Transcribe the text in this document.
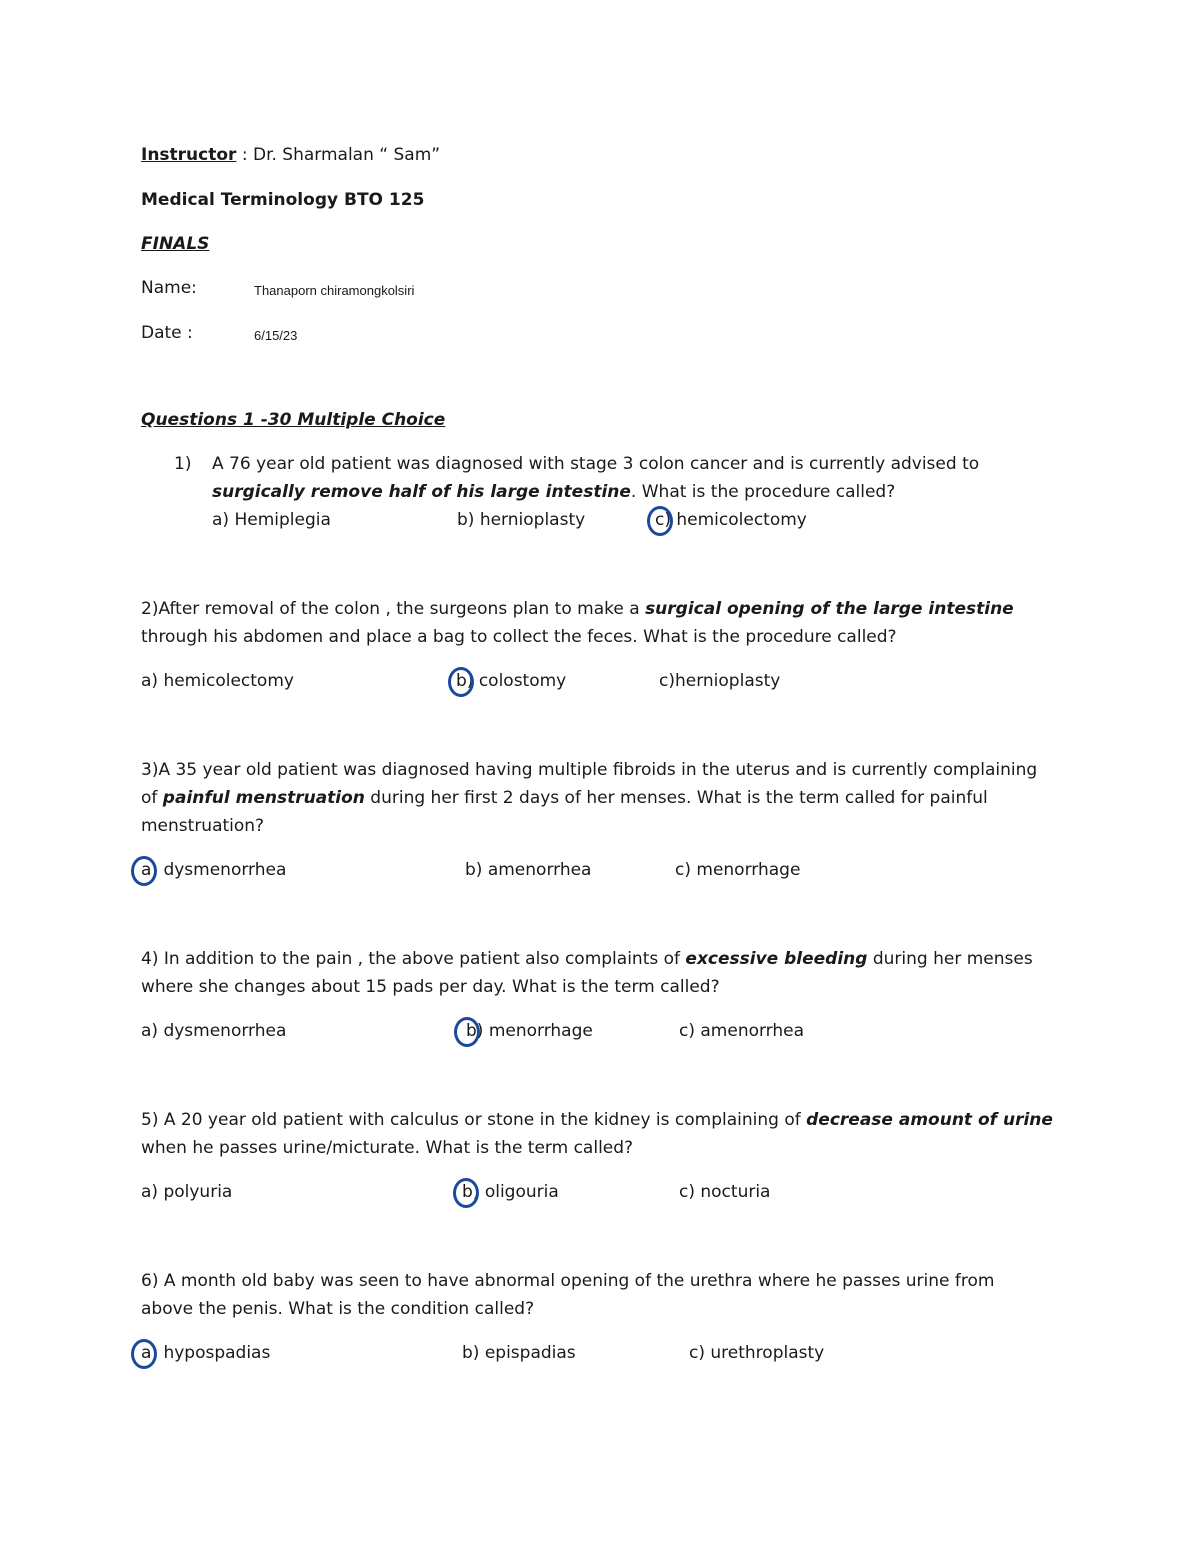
Instructor : Dr. Sharmalan “ Sam”
Medical Terminology BTO 125
FINALS
Name:	Thanaporn chiramongkolsiri
Date :	6/15/23
Questions 1 -30 Multiple Choice
1) A 76 year old patient was diagnosed with stage 3 colon cancer and is currently advised to
surgically remove half of his large intestine. What is the procedure called?
a) Hemiplegia	b) hernioplasty	c) hemicolectomy
2)After removal of the colon , the surgeons plan to make a surgical opening of the large intestine
through his abdomen and place a bag to collect the feces. What is the procedure called?
a) hemicolectomy	b) colostomy	c)hernioplasty
3)A 35 year old patient was diagnosed having multiple fibroids in the uterus and is currently complaining
of painful menstruation during her first 2 days of her menses. What is the term called for painful
menstruation?
a) dysmenorrhea	b) amenorrhea	c) menorrhage
4) In addition to the pain , the above patient also complaints of excessive bleeding during her menses
where she changes about 15 pads per day. What is the term called?
a) dysmenorrhea	b) menorrhage	c) amenorrhea
5) A 20 year old patient with calculus or stone in the kidney is complaining of decrease amount of urine
when he passes urine/micturate. What is the term called?
a) polyuria	b) oligouria	c) nocturia
6) A month old baby was seen to have abnormal opening of the urethra where he passes urine from
above the penis. What is the condition called?
a) hypospadias	b) epispadias	c) urethroplasty
